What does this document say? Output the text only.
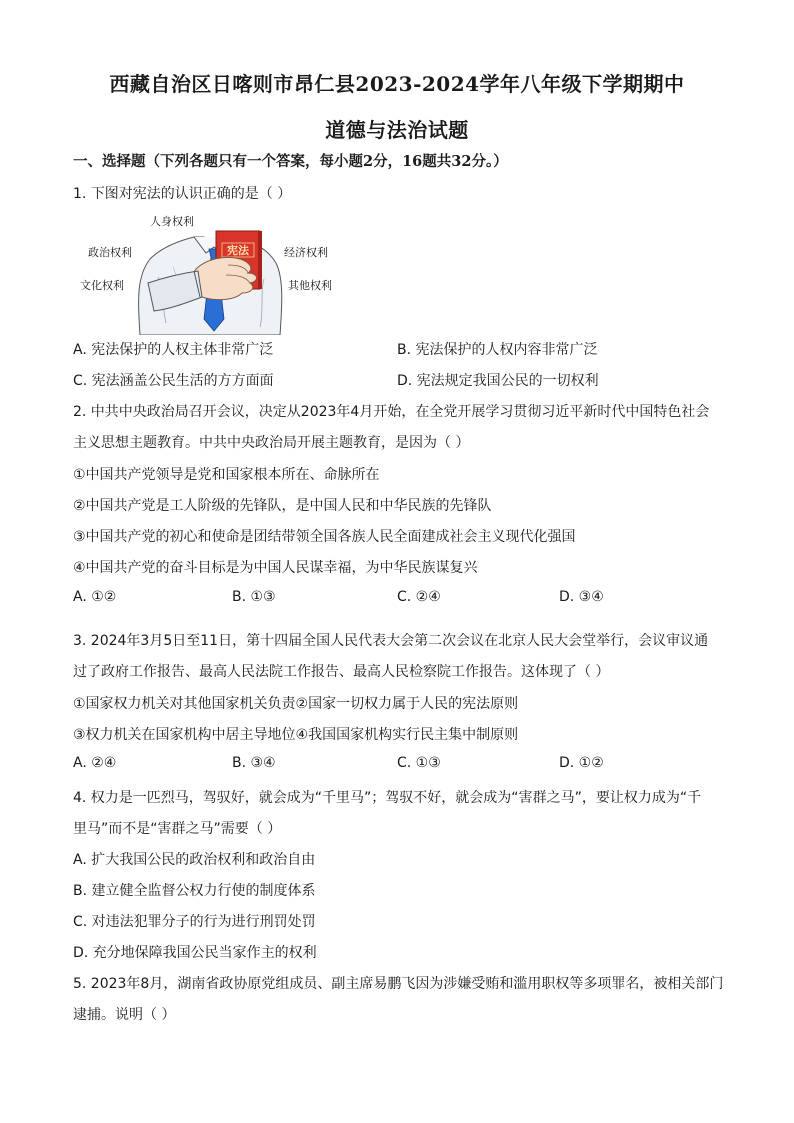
西藏自治区日喀则市昂仁县2023-2024学年八年级下学期期中
道德与法治试题
一、选择题（下列各题只有一个答案，每小题2分，16题共32分。）
1. 下图对宪法的认识正确的是（ ）
宪法
人身权利
政治权利
文化权利
经济权利
其他权利
A. 宪法保护的人权主体非常广泛	B. 宪法保护的人权内容非常广泛
C. 宪法涵盖公民生活的方方面面	D. 宪法规定我国公民的一切权利
2. 中共中央政治局召开会议，决定从2023年4月开始，在全党开展学习贯彻习近平新时代中国特色社会
主义思想主题教育。中共中央政治局开展主题教育，是因为（ ）
①中国共产党领导是党和国家根本所在、命脉所在
②中国共产党是工人阶级的先锋队，是中国人民和中华民族的先锋队
③中国共产党的初心和使命是团结带领全国各族人民全面建成社会主义现代化强国
④中国共产党的奋斗目标是为中国人民谋幸福，为中华民族谋复兴
A. ①②	B. ①③	C. ②④	D. ③④
3. 2024年3月5日至11日，第十四届全国人民代表大会第二次会议在北京人民大会堂举行，会议审议通
过了政府工作报告、最高人民法院工作报告、最高人民检察院工作报告。这体现了（ ）
①国家权力机关对其他国家机关负责②国家一切权力属于人民的宪法原则
③权力机关在国家机构中居主导地位④我国国家机构实行民主集中制原则
A. ②④	B. ③④	C. ①③	D. ①②
4. 权力是一匹烈马，驾驭好，就会成为“千里马”；驾驭不好，就会成为“害群之马”，要让权力成为“千
里马”而不是“害群之马”需要（ ）
A. 扩大我国公民的政治权利和政治自由
B. 建立健全监督公权力行使的制度体系
C. 对违法犯罪分子的行为进行刑罚处罚
D. 充分地保障我国公民当家作主的权利
5. 2023年8月，湖南省政协原党组成员、副主席易鹏飞因为涉嫌受贿和滥用职权等多项罪名，被相关部门
逮捕。说明（ ）
